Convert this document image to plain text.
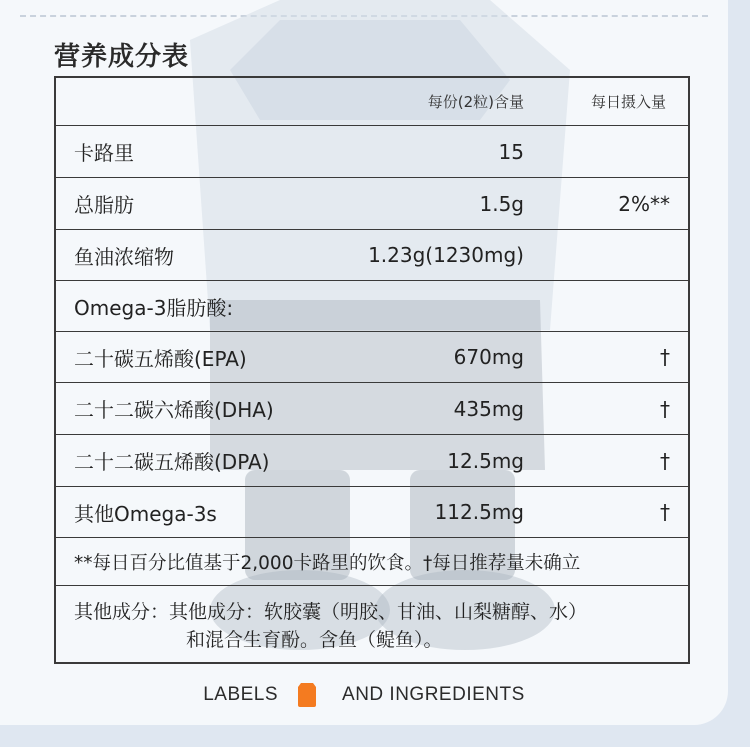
营养成分表
每份(2粒)含量	每日摄入量
卡路里	15
总脂肪	1.5g	2%**
鱼油浓缩物	1.23g(1230mg)
Omega-3脂肪酸:
二十碳五烯酸(EPA)	670mg	†
二十二碳六烯酸(DHA)	435mg	†
二十二碳五烯酸(DPA)	12.5mg	†
其他Omega-3s	112.5mg	†
**每日百分比值基于2,000卡路里的饮食。†每日推荐量未确立
其他成分：其他成分：软胶囊（明胶、甘油、山梨糖醇、水）
和混合生育酚。含鱼（鳀鱼）。
LABELS	AND INGREDIENTS
